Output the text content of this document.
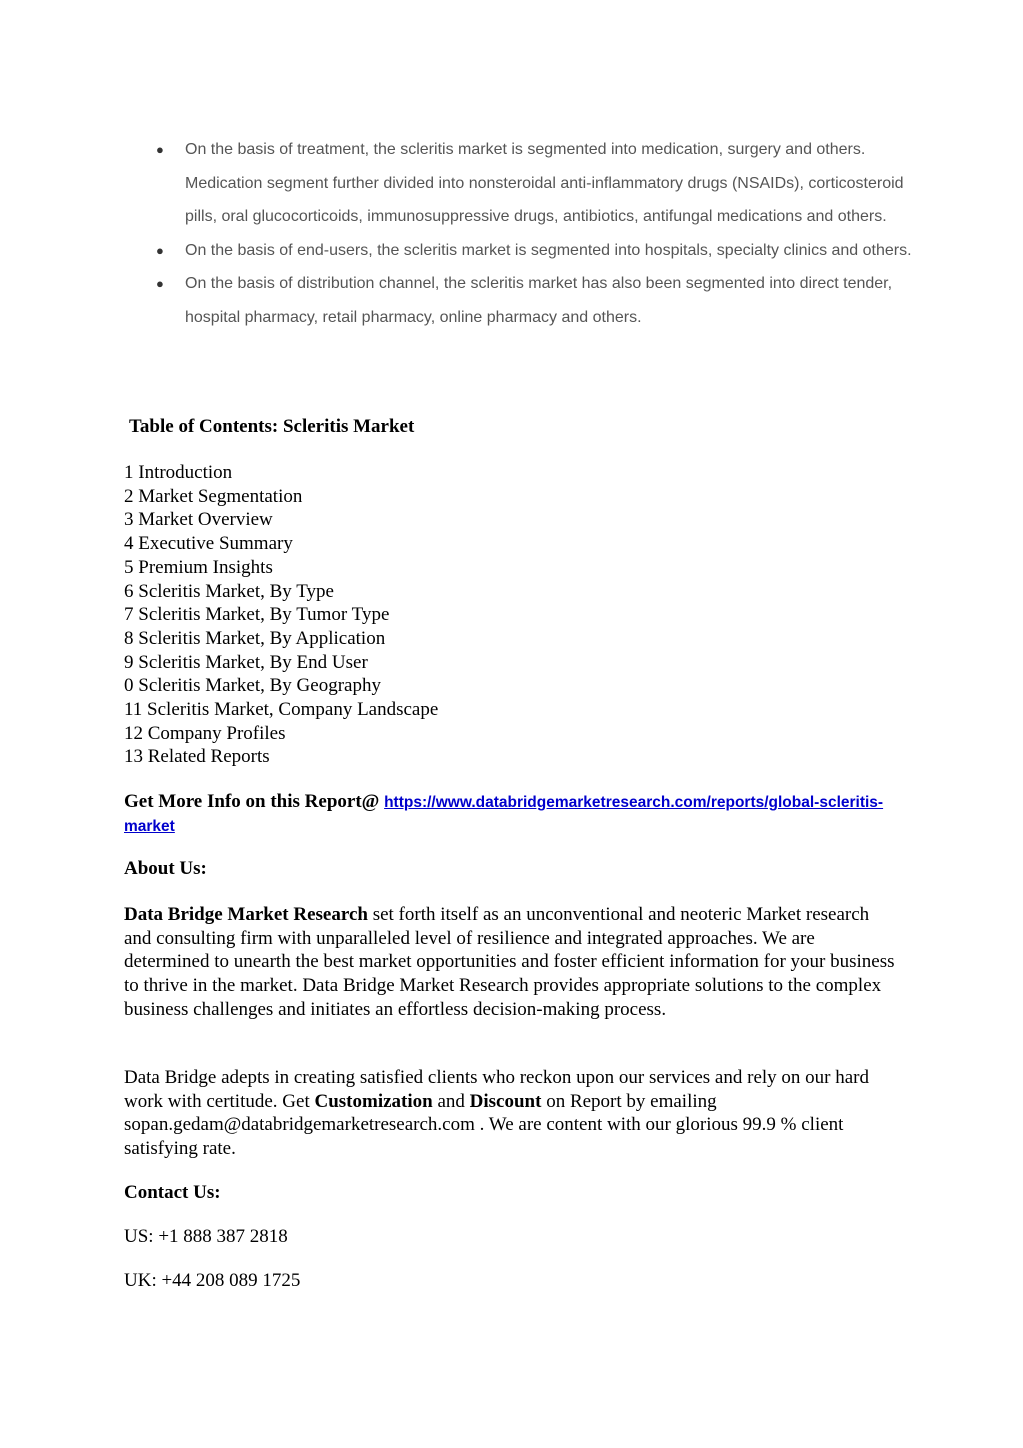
● On the basis of treatment, the scleritis market is segmented into medication, surgery and others. Medication segment further divided into nonsteroidal anti-inflammatory drugs (NSAIDs), corticosteroid pills, oral glucocorticoids, immunosuppressive drugs, antibiotics, antifungal medications and others.
● On the basis of end-users, the scleritis market is segmented into hospitals, specialty clinics and others.
● On the basis of distribution channel, the scleritis market has also been segmented into direct tender, hospital pharmacy, retail pharmacy, online pharmacy and others.

Table of Contents: Scleritis Market

1 Introduction
2 Market Segmentation
3 Market Overview
4 Executive Summary
5 Premium Insights
6 Scleritis Market, By Type
7 Scleritis Market, By Tumor Type
8 Scleritis Market, By Application
9 Scleritis Market, By End User
0 Scleritis Market, By Geography
11 Scleritis Market, Company Landscape
12 Company Profiles
13 Related Reports

Get More Info on this Report@ https://www.databridgemarketresearch.com/reports/global-scleritis-market

About Us:

Data Bridge Market Research set forth itself as an unconventional and neoteric Market research and consulting firm with unparalleled level of resilience and integrated approaches. We are determined to unearth the best market opportunities and foster efficient information for your business to thrive in the market. Data Bridge Market Research provides appropriate solutions to the complex business challenges and initiates an effortless decision-making process.

Data Bridge adepts in creating satisfied clients who reckon upon our services and rely on our hard work with certitude. Get Customization and Discount on Report by emailing sopan.gedam@databridgemarketresearch.com . We are content with our glorious 99.9 % client satisfying rate.

Contact Us:

US: +1 888 387 2818

UK: +44 208 089 1725
